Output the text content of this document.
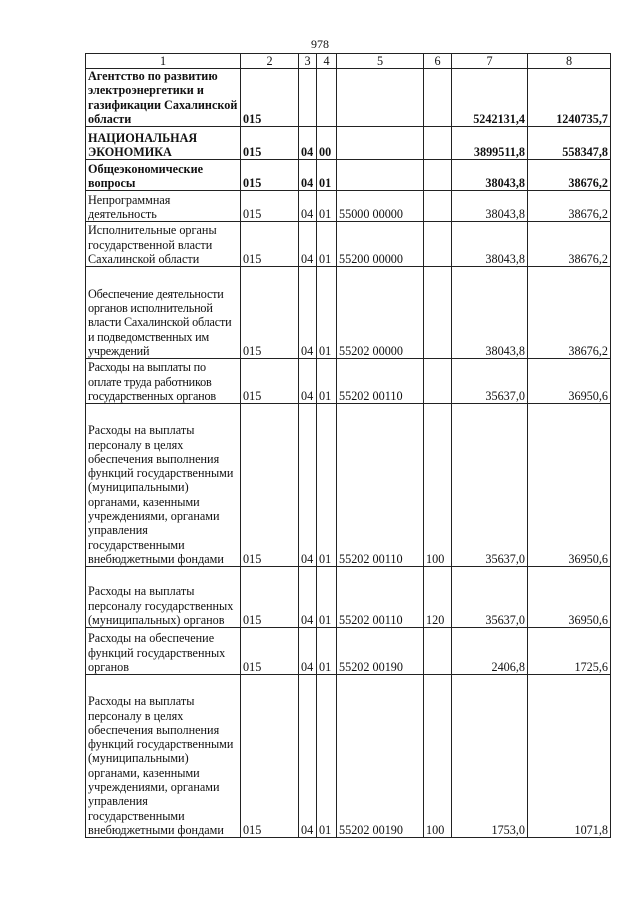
978
1	2	3	4	5	6	7	8
Агентство по развитию электроэнергетики и газификации Сахалинской области	015					5242131,4	1240735,7
НАЦИОНАЛЬНАЯ ЭКОНОМИКА	015	04	00			3899511,8	558347,8
Общеэкономические вопросы	015	04	01			38043,8	38676,2
Непрограммная деятельность	015	04	01	55000 00000		38043,8	38676,2
Исполнительные органы государственной власти Сахалинской области	015	04	01	55200 00000		38043,8	38676,2
Обеспечение деятельности органов исполнительной власти Сахалинской области и подведомственных им учреждений	015	04	01	55202 00000		38043,8	38676,2
Расходы на выплаты по оплате труда работников государственных органов	015	04	01	55202 00110		35637,0	36950,6
Расходы на выплаты персоналу в целях обеспечения выполнения функций государственными (муниципальными) органами, казенными учреждениями, органами управления государственными внебюджетными фондами	015	04	01	55202 00110	100	35637,0	36950,6
Расходы на выплаты персоналу государственных (муниципальных) органов	015	04	01	55202 00110	120	35637,0	36950,6
Расходы на обеспечение функций государственных органов	015	04	01	55202 00190		2406,8	1725,6
Расходы на выплаты персоналу в целях обеспечения выполнения функций государственными (муниципальными) органами, казенными учреждениями, органами управления государственными внебюджетными фондами	015	04	01	55202 00190	100	1753,0	1071,8
